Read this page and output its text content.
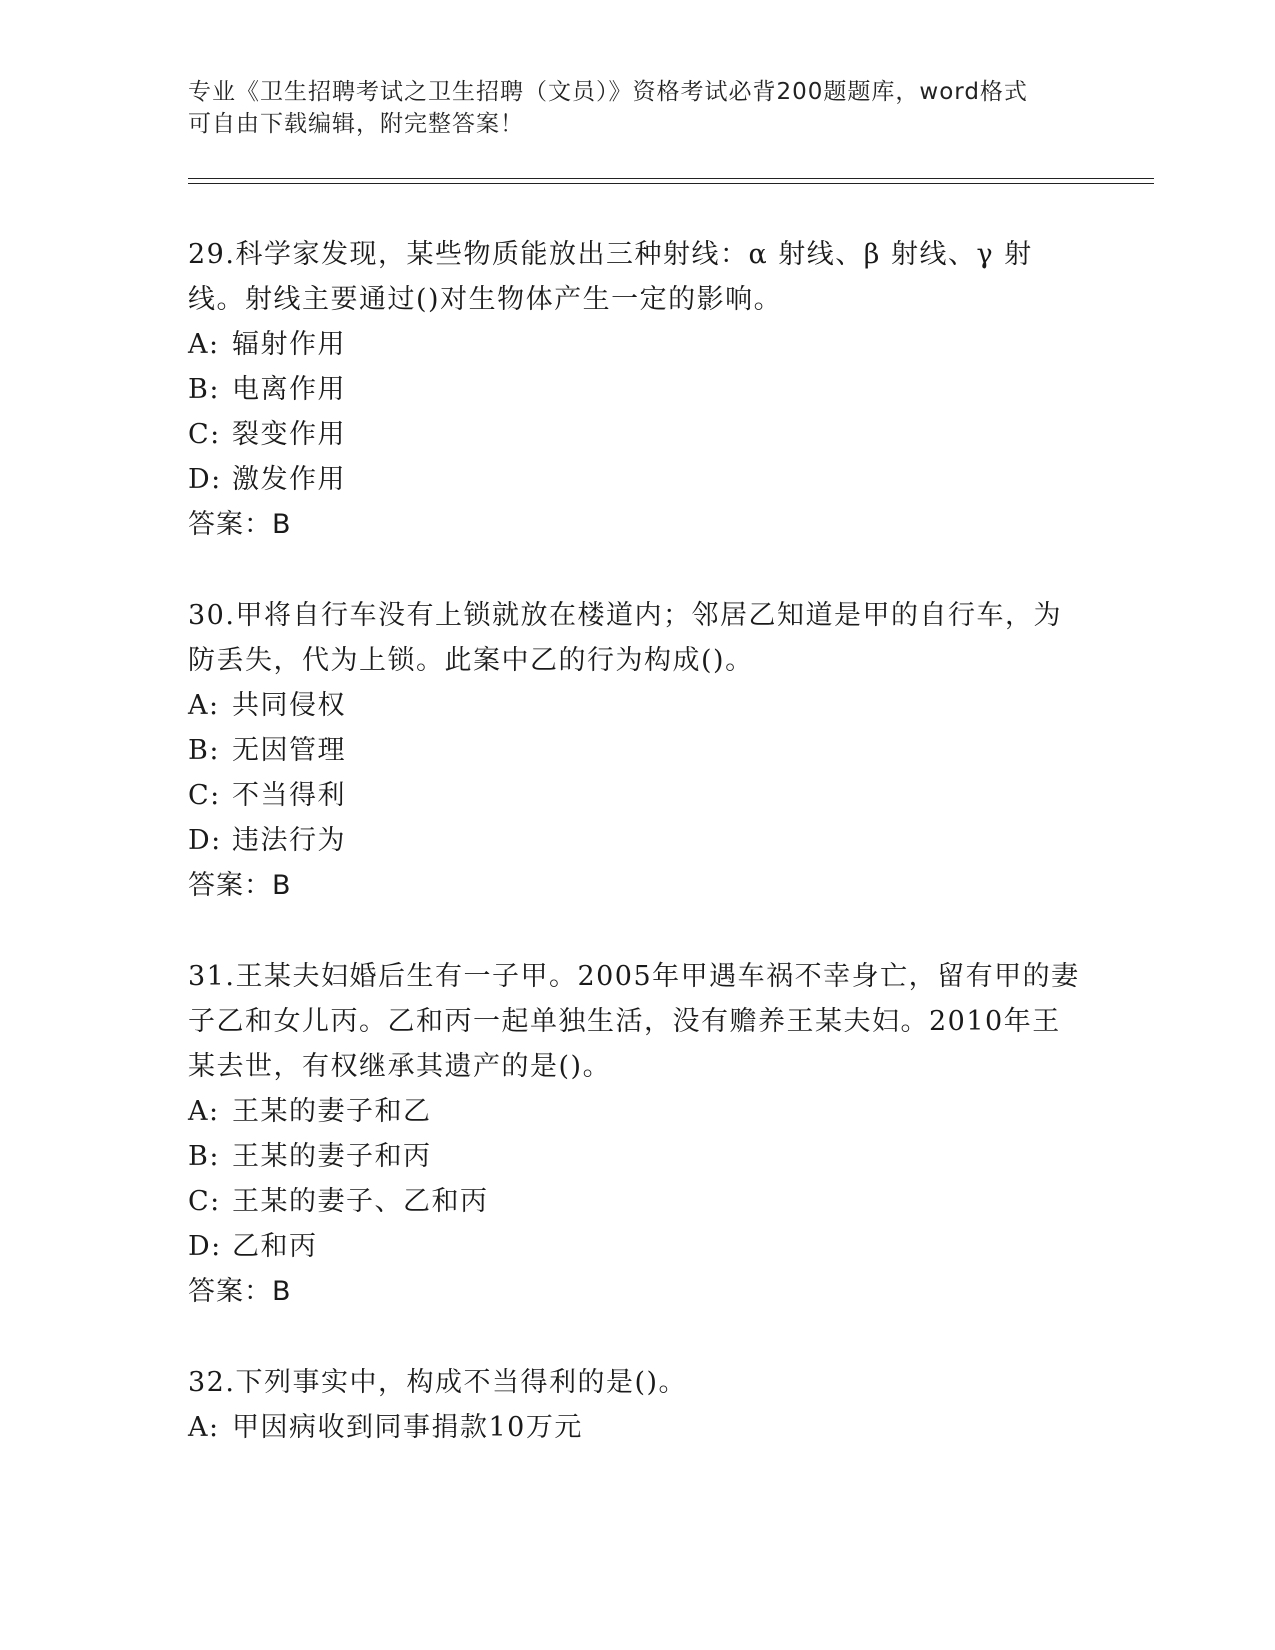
专业《卫生招聘考试之卫生招聘（文员）》资格考试必背200题题库，word格式
可自由下载编辑，附完整答案！
29.科学家发现，某些物质能放出三种射线：α 射线、β 射线、γ 射
线。射线主要通过()对生物体产生一定的影响。
A: 辐射作用
B: 电离作用
C: 裂变作用
D: 激发作用
答案：B
30.甲将自行车没有上锁就放在楼道内；邻居乙知道是甲的自行车，为
防丢失，代为上锁。此案中乙的行为构成()。
A: 共同侵权
B: 无因管理
C: 不当得利
D: 违法行为
答案：B
31.王某夫妇婚后生有一子甲。2005年甲遇车祸不幸身亡，留有甲的妻
子乙和女儿丙。乙和丙一起单独生活，没有赡养王某夫妇。2010年王
某去世，有权继承其遗产的是()。
A: 王某的妻子和乙
B: 王某的妻子和丙
C: 王某的妻子、乙和丙
D: 乙和丙
答案：B
32.下列事实中，构成不当得利的是()。
A: 甲因病收到同事捐款10万元
